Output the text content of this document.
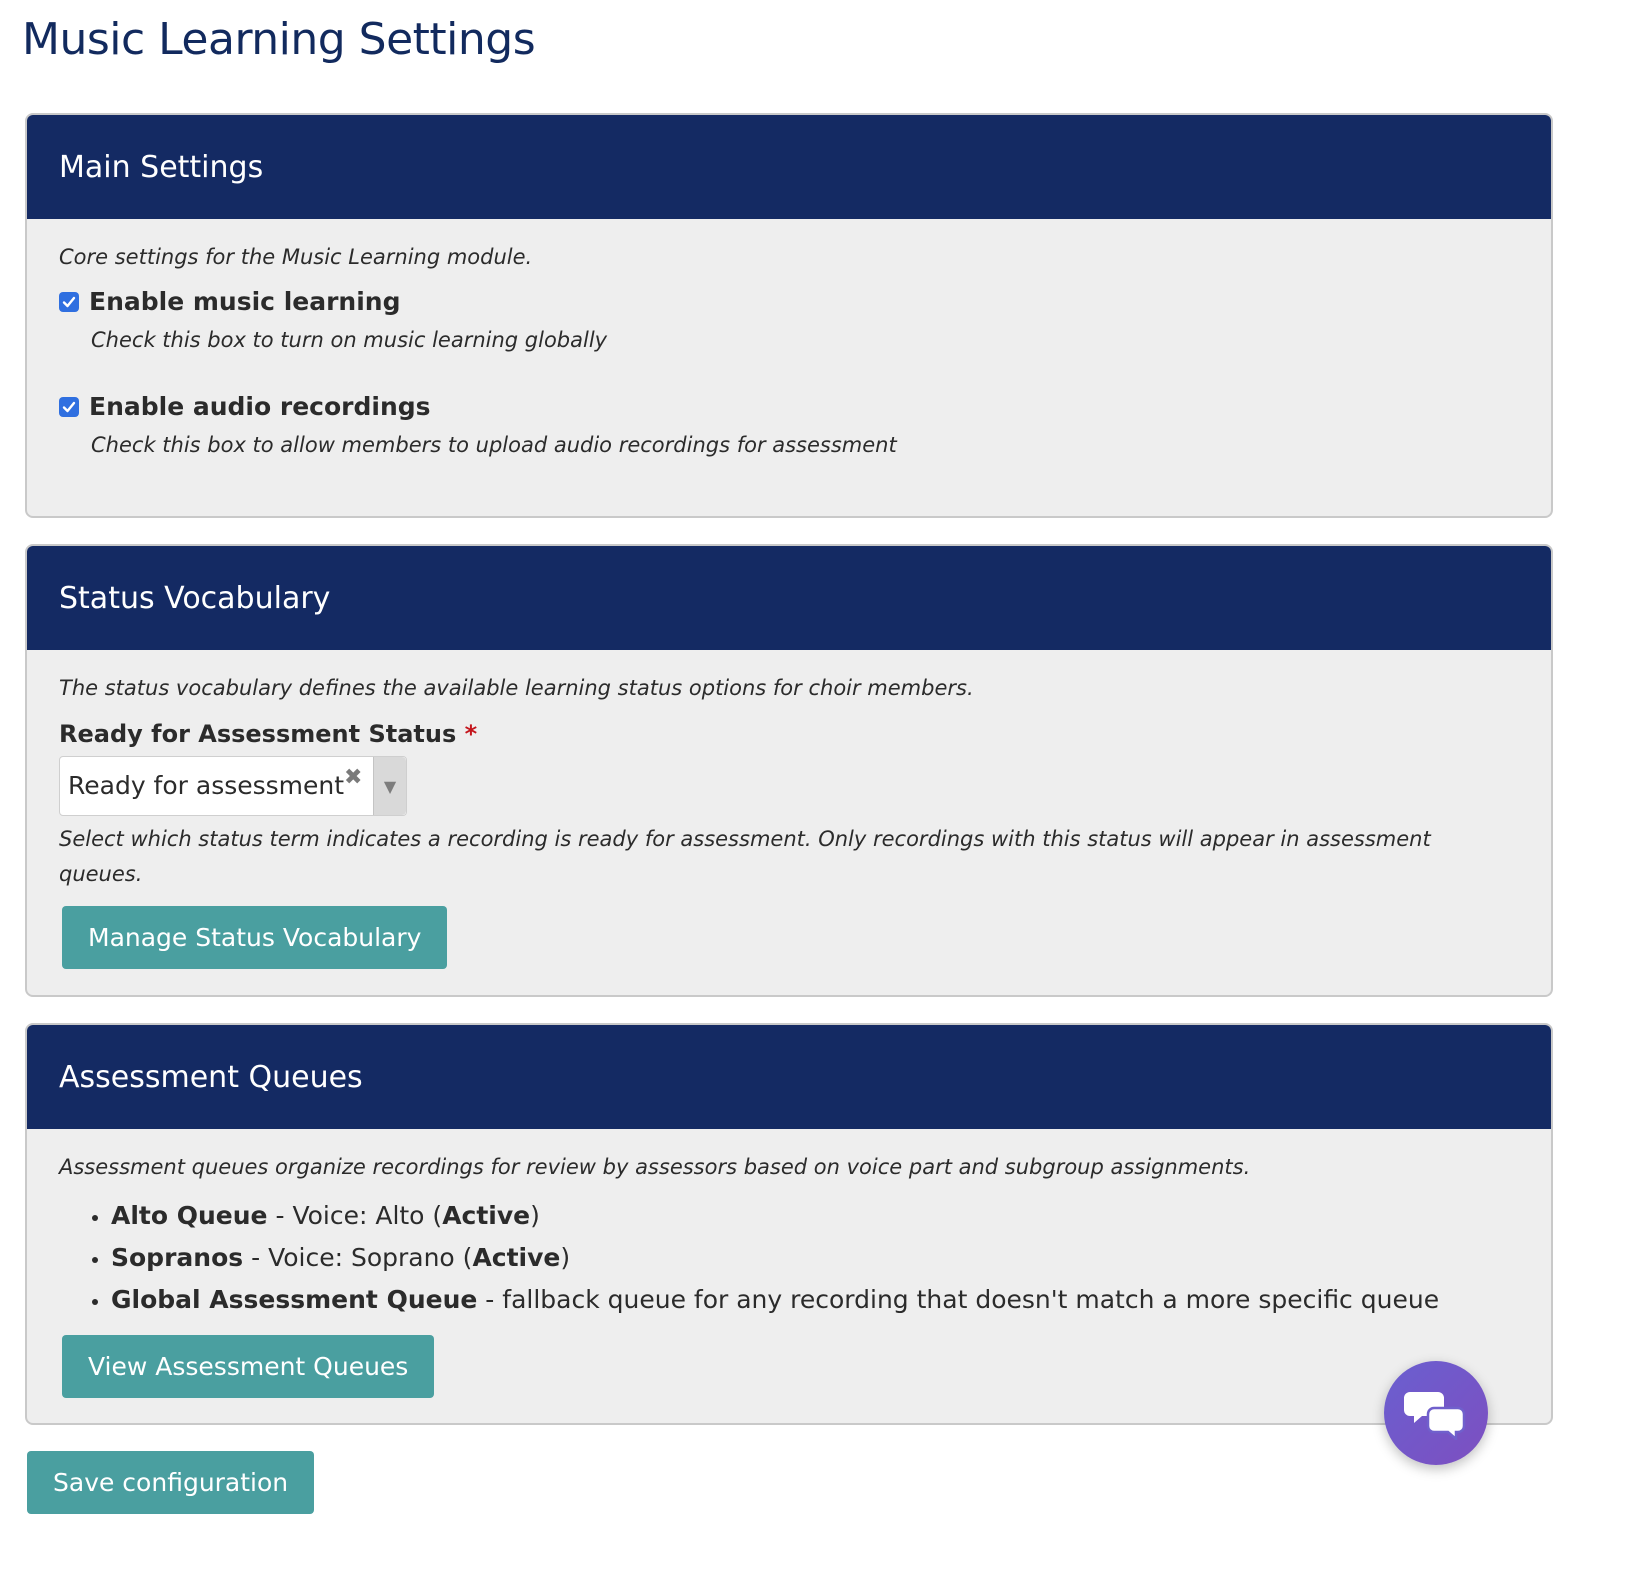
Music Learning Settings
Main Settings

Core settings for the Music Learning module.

Enable music learning

Check this box to turn on music learning globally

Enable audio recordings

Check this box to allow members to upload audio recordings for assessment

Status Vocabulary

The status vocabulary defines the available learning status options for choir members.

Ready for Assessment Status *
Ready for assessment ✖	▼
Select which status term indicates a recording is ready for assessment. Only recordings with this status will appear in assessment queues.
Manage Status Vocabulary
Assessment Queues

Assessment queues organize recordings for review by assessors based on voice part and subgroup assignments.

• Alto Queue - Voice: Alto (Active)
• Sopranos - Voice: Soprano (Active)
• Global Assessment Queue - fallback queue for any recording that doesn't match a more specific queue
View Assessment Queues
Save configuration
